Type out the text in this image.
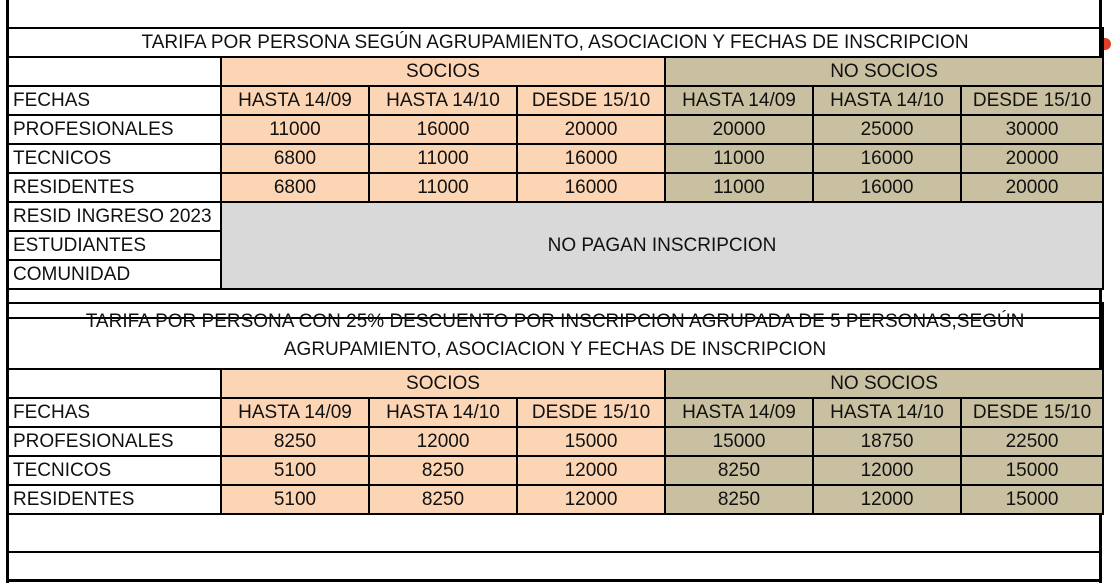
TARIFA POR PERSONA SEGÚN AGRUPAMIENTO, ASOCIACION Y FECHAS DE INSCRIPCION						
	SOCIOS			NO SOCIOS		
FECHAS	HASTA 14/09	HASTA 14/10	DESDE 15/10	HASTA 14/09	HASTA 14/10	DESDE 15/10
PROFESIONALES	11000	16000	20000	20000	25000	30000
TECNICOS	6800	11000	16000	11000	16000	20000
RESIDENTES	6800	11000	16000	11000	16000	20000
RESID INGRESO 2023	NO PAGAN INSCRIPCION					
ESTUDIANTES						
COMUNIDAD						

TARIFA POR PERSONA CON 25% DESCUENTO POR INSCRIPCION AGRUPADA DE 5 PERSONAS,SEGÚN AGRUPAMIENTO, ASOCIACION Y FECHAS DE INSCRIPCION						
	SOCIOS			NO SOCIOS		
FECHAS	HASTA 14/09	HASTA 14/10	DESDE 15/10	HASTA 14/09	HASTA 14/10	DESDE 15/10
PROFESIONALES	8250	12000	15000	15000	18750	22500
TECNICOS	5100	8250	12000	8250	12000	15000
RESIDENTES	5100	8250	12000	8250	12000	15000
